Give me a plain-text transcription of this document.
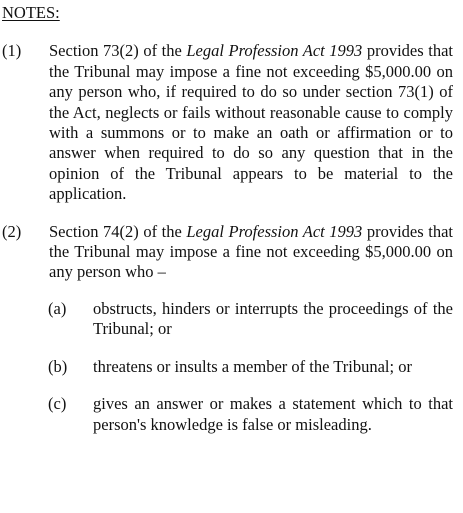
NOTES:
(1)	Section 73(2) of the Legal Profession Act 1993 provides that the Tribunal may impose a fine not exceeding $5,000.00 on any person who, if required to do so under section 73(1) of the Act, neglects or fails without reasonable cause to comply with a summons or to make an oath or affirmation or to answer when required to do so any question that in the opinion of the Tribunal appears to be material to the application.
(2)	Section 74(2) of the Legal Profession Act 1993 provides that the Tribunal may impose a fine not exceeding $5,000.00 on any person who –
(a)	obstructs, hinders or interrupts the proceedings of the Tribunal; or
(b)	threatens or insults a member of the Tribunal; or
(c)	gives an answer or makes a statement which to that person's knowledge is false or misleading.
